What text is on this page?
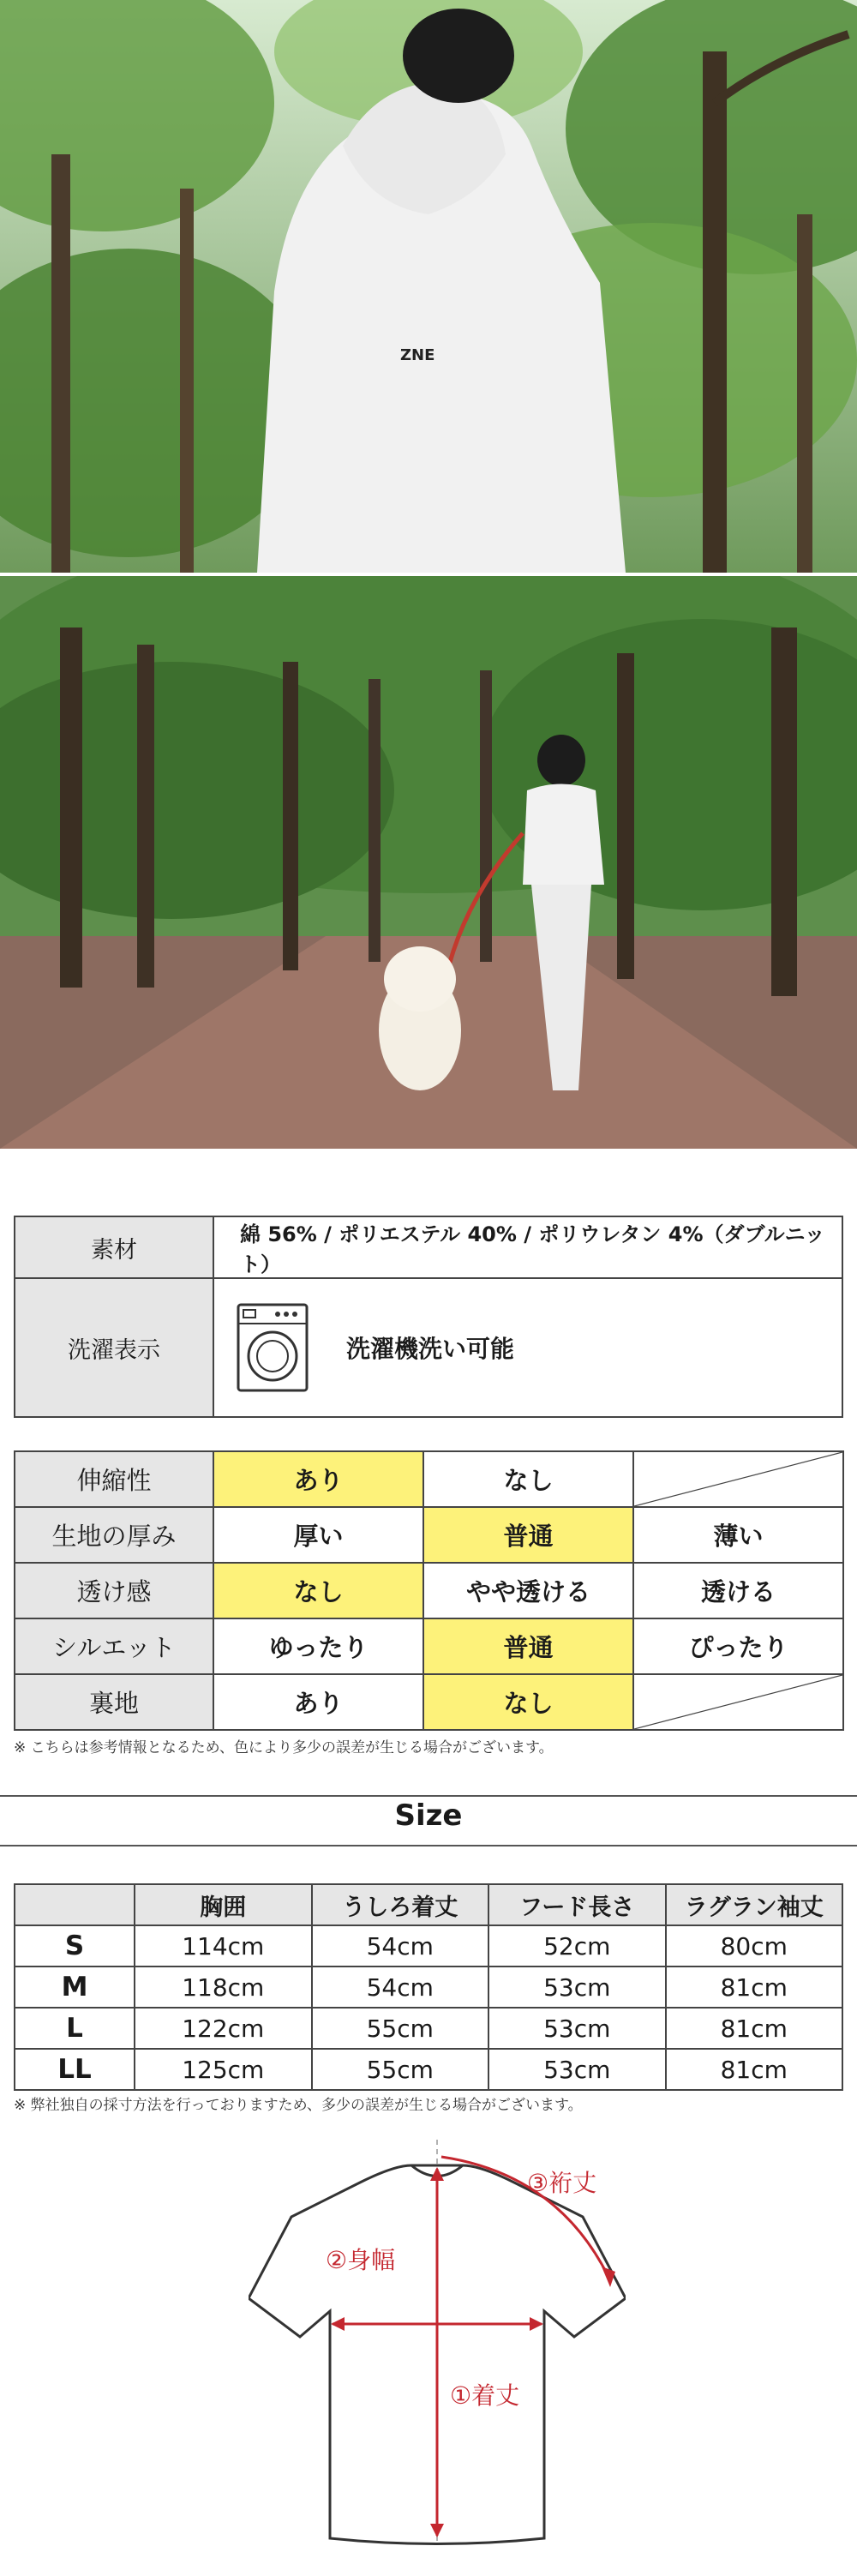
ZNE
素材	綿 56% / ポリエステル 40% / ポリウレタン 4%（ダブルニット）
洗濯表示	洗濯機洗い可能
伸縮性	あり	なし	

生地の厚み	厚い	普通	薄い
透け感	なし	やや透ける	透ける
シルエット	ゆったり	普通	ぴったり
裏地	あり	なし	
※ こちらは参考情報となるため、色により多少の誤差が生じる場合がございます。
Size
	胸囲	うしろ着丈	フード長さ	ラグラン袖丈
S	114cm	54cm	52cm	80cm
M	118cm	54cm	53cm	81cm
L	122cm	55cm	53cm	81cm
LL	125cm	55cm	53cm	81cm
※ 弊社独自の採寸方法を行っておりますため、多少の誤差が生じる場合がございます。
①着丈
②身幅
③裄丈
